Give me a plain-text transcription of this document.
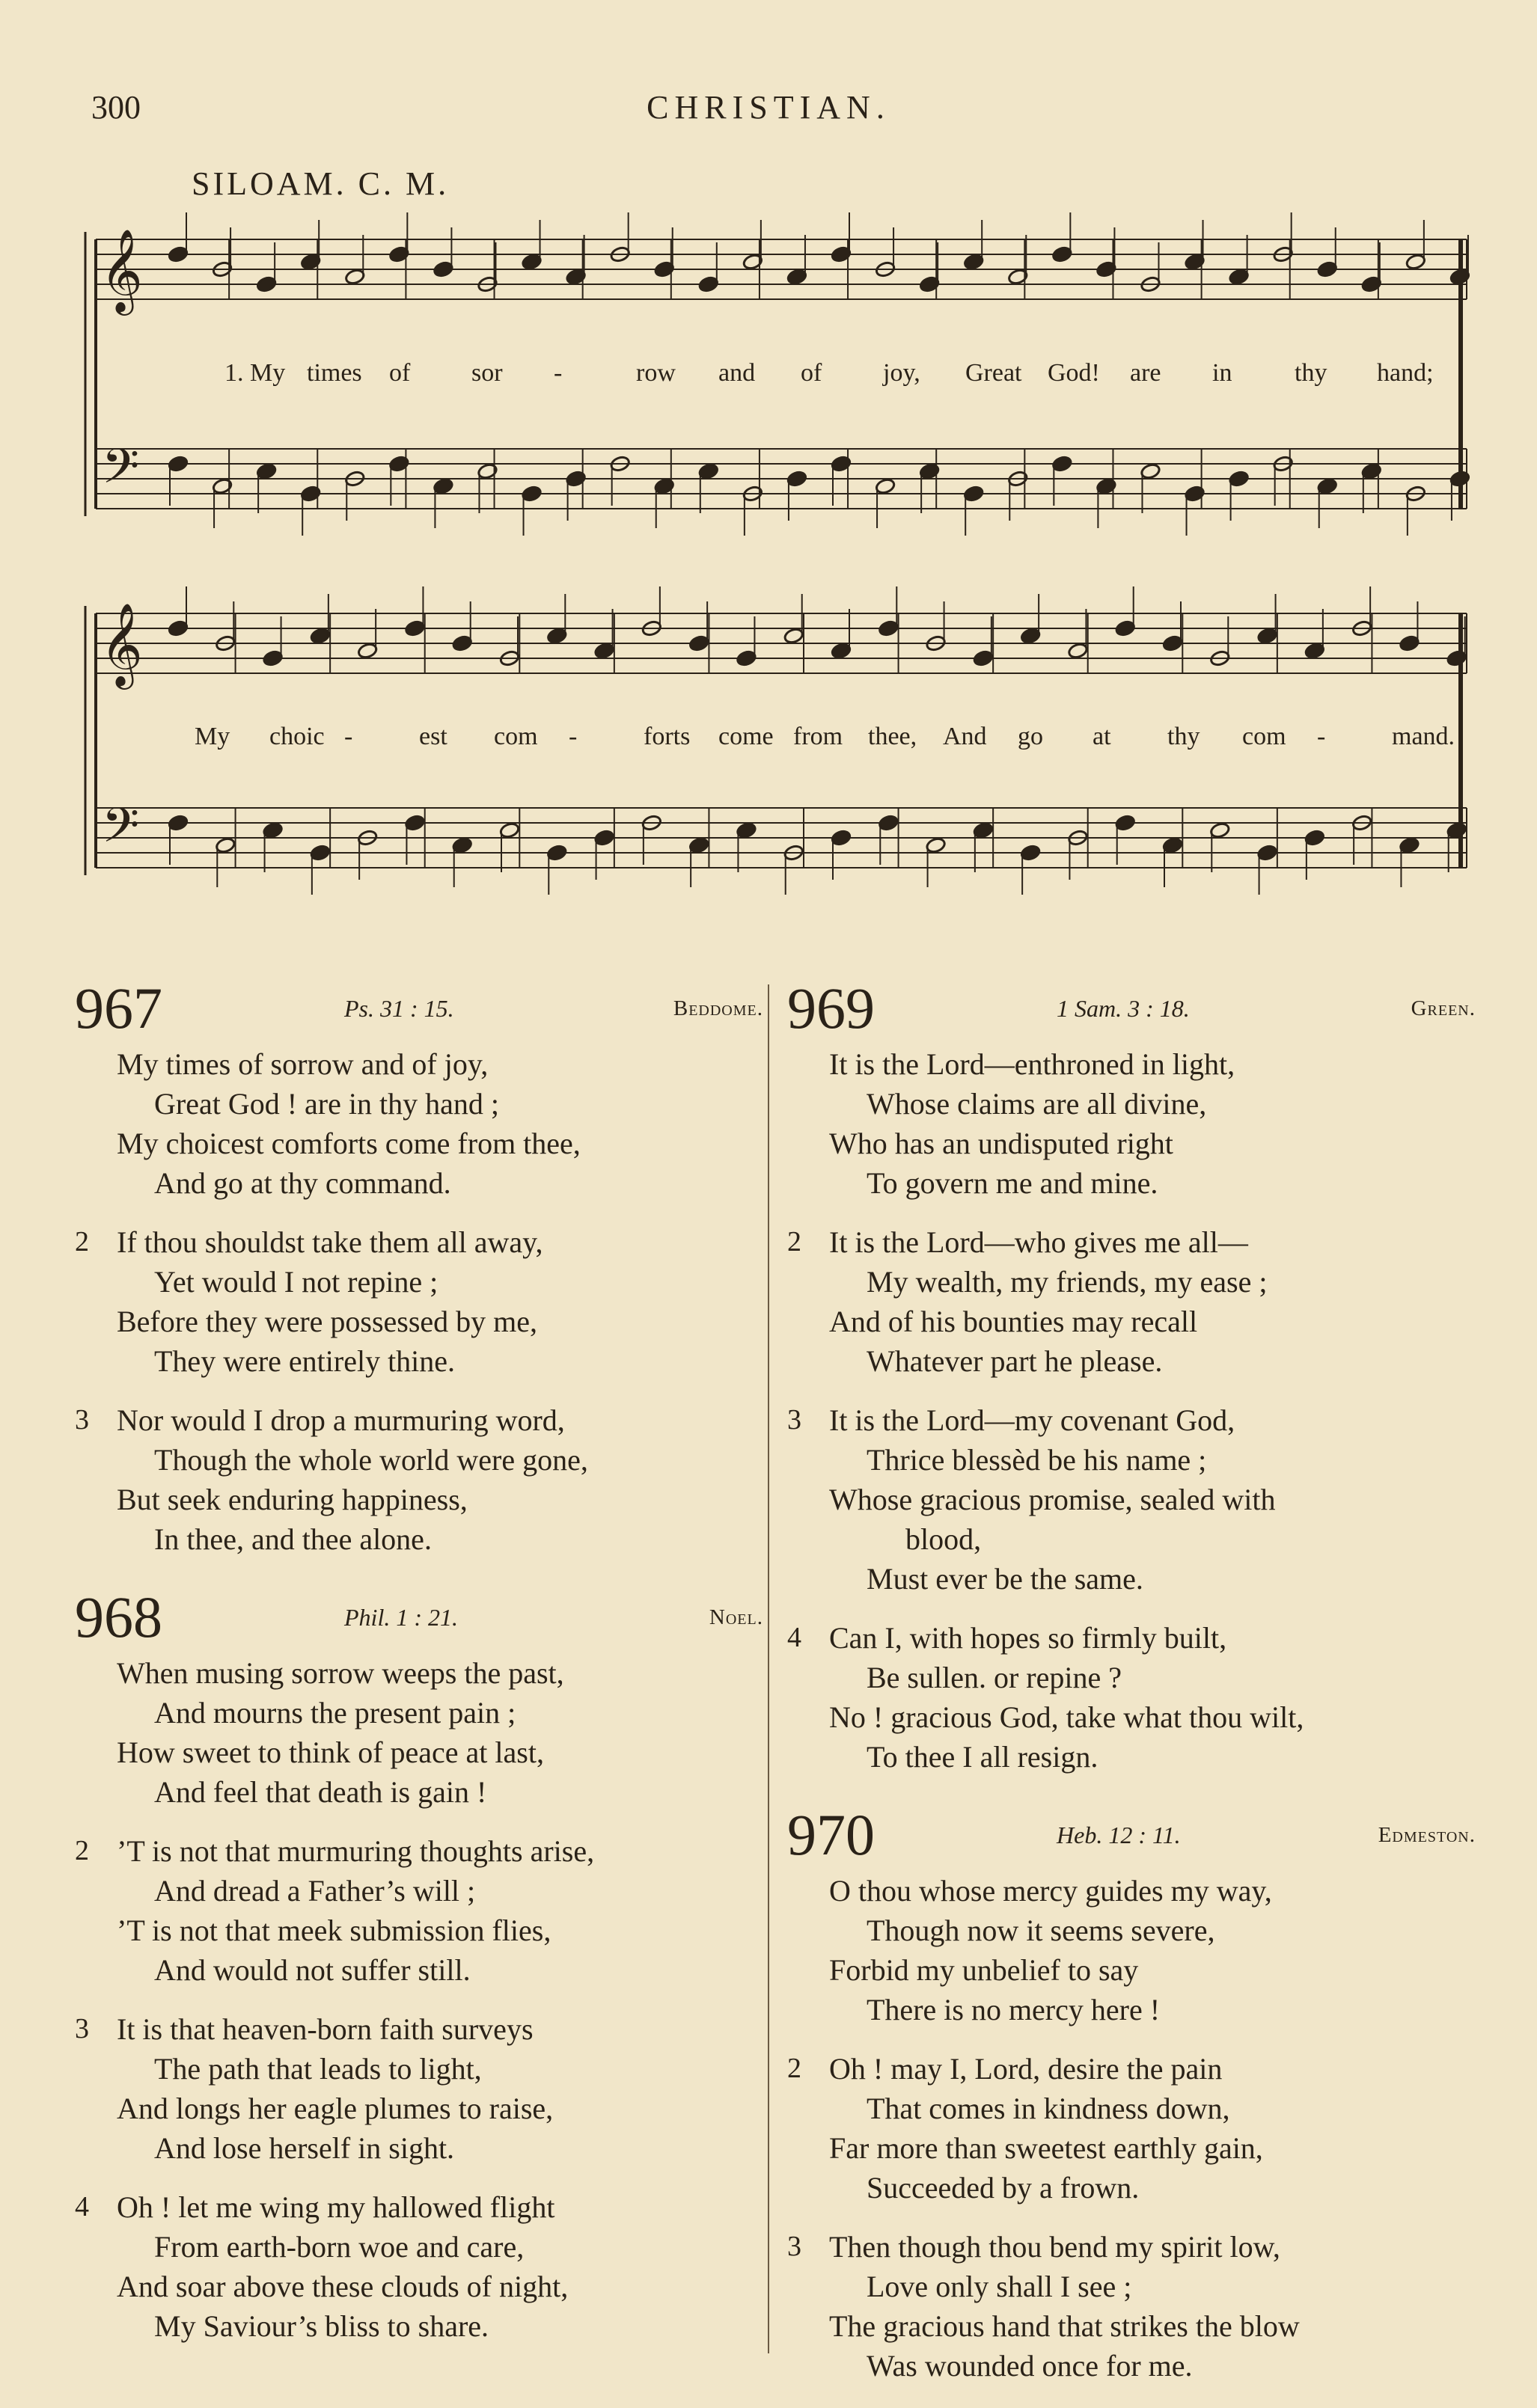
300	CHRISTIAN.
SILOAM. C. M.
𝄞
𝄢
𝄞
𝄢
1. My times of sor -	row and of joy, Great God! are in thy hand;
My choic -	est com -	forts come from thee, And go at thy com -	mand.
967	Ps. 31 : 15.	Beddome.
My times of sorrow and of joy,
Great God ! are in thy hand ;
My choicest comforts come from thee,
And go at thy command.
2 If thou shouldst take them all away,
Yet would I not repine ;
Before they were possessed by me,
They were entirely thine.
3 Nor would I drop a murmuring word,
Though the whole world were gone,
But seek enduring happiness,
In thee, and thee alone.
968	Phil. 1 : 21.	Noel.
When musing sorrow weeps the past,
And mourns the present pain ;
How sweet to think of peace at last,
And feel that death is gain !
2 ’T is not that murmuring thoughts arise,
And dread a Father’s will ;
’T is not that meek submission flies,
And would not suffer still.
3 It is that heaven-born faith surveys
The path that leads to light,
And longs her eagle plumes to raise,
And lose herself in sight.
4 Oh ! let me wing my hallowed flight
From earth-born woe and care,
And soar above these clouds of night,
My Saviour’s bliss to share.
969	1 Sam. 3 : 18.	Green.
It is the Lord—enthroned in light,
Whose claims are all divine,
Who has an undisputed right
To govern me and mine.
2 It is the Lord—who gives me all—
My wealth, my friends, my ease ;
And of his bounties may recall
Whatever part he please.
3 It is the Lord—my covenant God,
Thrice blessèd be his name ;
Whose gracious promise, sealed with
blood,
Must ever be the same.
4 Can I, with hopes so firmly built,
Be sullen. or repine ?
No ! gracious God, take what thou wilt,
To thee I all resign.
970	Heb. 12 : 11.	Edmeston.
O thou whose mercy guides my way,
Though now it seems severe,
Forbid my unbelief to say
There is no mercy here !
2 Oh ! may I, Lord, desire the pain
That comes in kindness down,
Far more than sweetest earthly gain,
Succeeded by a frown.
3 Then though thou bend my spirit low,
Love only shall I see ;
The gracious hand that strikes the blow
Was wounded once for me.
